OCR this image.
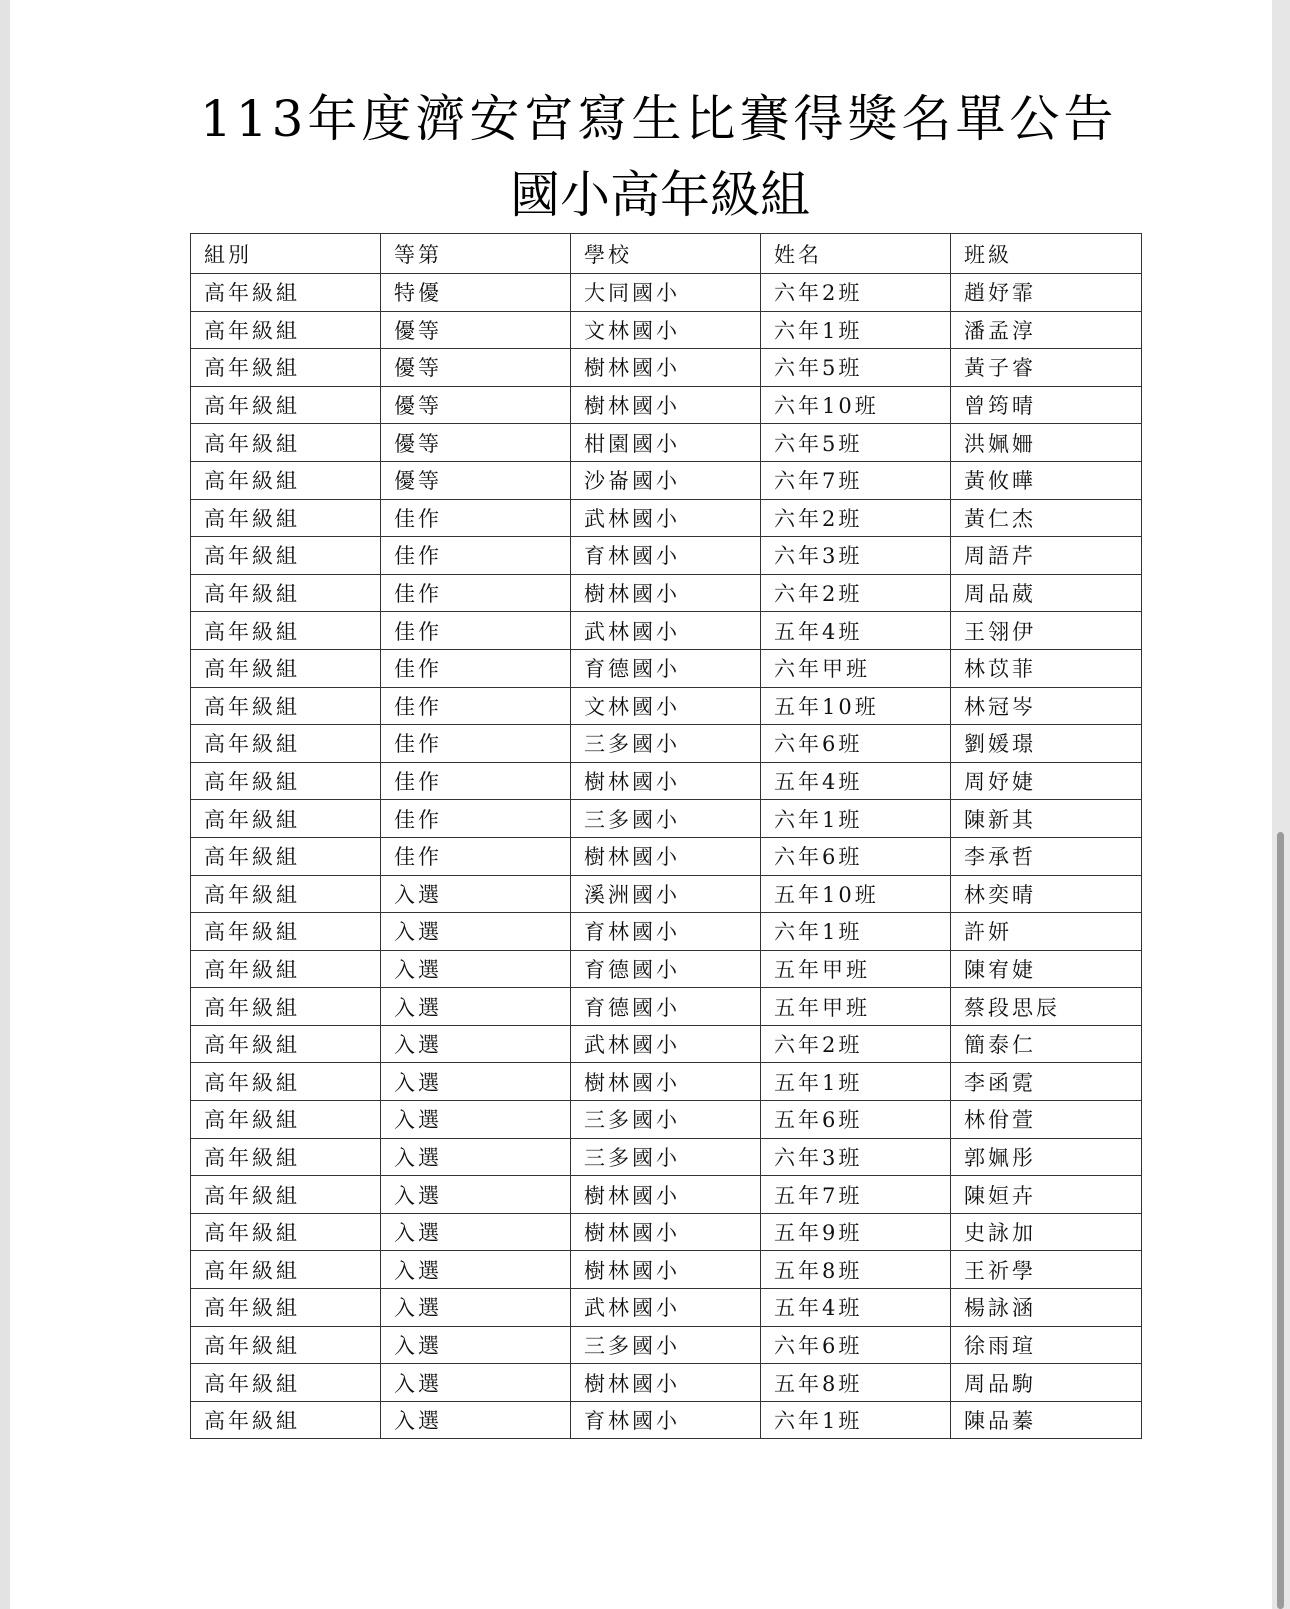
113年度濟安宮寫生比賽得獎名單公告
國小高年級組
組別	等第	學校	姓名	班級
高年級組	特優	大同國小	六年2班	趙妤霏
高年級組	優等	文林國小	六年1班	潘孟淳
高年級組	優等	樹林國小	六年5班	黃子睿
高年級組	優等	樹林國小	六年10班	曾筠晴
高年級組	優等	柑園國小	六年5班	洪姵姍
高年級組	優等	沙崙國小	六年7班	黃攸曄
高年級組	佳作	武林國小	六年2班	黃仁杰
高年級組	佳作	育林國小	六年3班	周語芹
高年級組	佳作	樹林國小	六年2班	周品葳
高年級組	佳作	武林國小	五年4班	王翎伊
高年級組	佳作	育德國小	六年甲班	林苡菲
高年級組	佳作	文林國小	五年10班	林冠岑
高年級組	佳作	三多國小	六年6班	劉媛璟
高年級組	佳作	樹林國小	五年4班	周妤婕
高年級組	佳作	三多國小	六年1班	陳新其
高年級組	佳作	樹林國小	六年6班	李承哲
高年級組	入選	溪洲國小	五年10班	林奕晴
高年級組	入選	育林國小	六年1班	許妍
高年級組	入選	育德國小	五年甲班	陳宥婕
高年級組	入選	育德國小	五年甲班	蔡段思辰
高年級組	入選	武林國小	六年2班	簡泰仁
高年級組	入選	樹林國小	五年1班	李函霓
高年級組	入選	三多國小	五年6班	林佾萱
高年級組	入選	三多國小	六年3班	郭姵彤
高年級組	入選	樹林國小	五年7班	陳姮卉
高年級組	入選	樹林國小	五年9班	史詠加
高年級組	入選	樹林國小	五年8班	王祈學
高年級組	入選	武林國小	五年4班	楊詠涵
高年級組	入選	三多國小	六年6班	徐雨瑄
高年級組	入選	樹林國小	五年8班	周品駒
高年級組	入選	育林國小	六年1班	陳品蓁
